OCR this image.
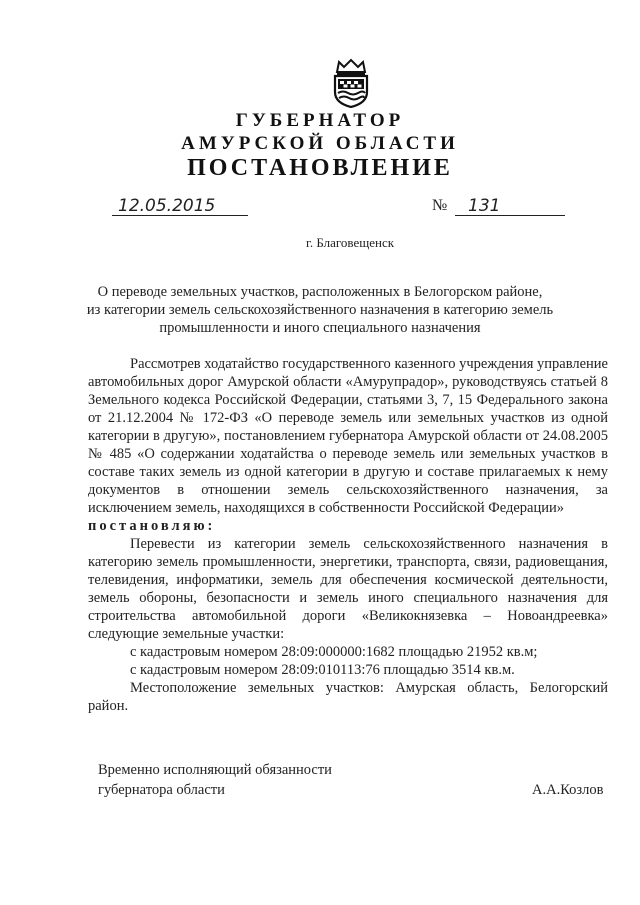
ГУБЕРНАТОР
АМУРСКОЙ ОБЛАСТИ
ПОСТАНОВЛЕНИЕ
12.05.2015	№ 131
г. Благовещенск
О переводе земельных участков, расположенных в Белогорском районе,
из категории земель сельскохозяйственного назначения в категорию земель
промышленности и иного специального назначения

Рассмотрев ходатайство государственного казенного учреждения управление автомобильных дорог Амурской области «Амурупрадор», руководствуясь статьей 8 Земельного кодекса Российской Федерации, статьями 3, 7, 15 Федерального закона от 21.12.2004 № 172-ФЗ «О переводе земель или земельных участков из одной категории в другую», постановлением губернатора Амурской области от 24.08.2005 № 485 «О содержании ходатайства о переводе земель или земельных участков в составе таких земель из одной категории в другую и составе прилагаемых к нему документов в отношении земель сельскохозяйственного назначения, за исключением земель, находящихся в собственности Российской Федерации»

постановляю:

Перевести из категории земель сельскохозяйственного назначения в категорию земель промышленности, энергетики, транспорта, связи, радиовещания, телевидения, информатики, земель для обеспечения космической деятельности, земель обороны, безопасности и земель иного специального назначения для строительства автомобильной дороги «Великокнязевка – Новоандреевка» следующие земельные участки:

с кадастровым номером 28:09:000000:1682 площадью 21952 кв.м;

с кадастровым номером 28:09:010113:76 площадью 3514 кв.м.

Местоположение земельных участков: Амурская область, Белогорский район.

Временно исполняющий обязанности
губернатора области	А.А.Козлов
